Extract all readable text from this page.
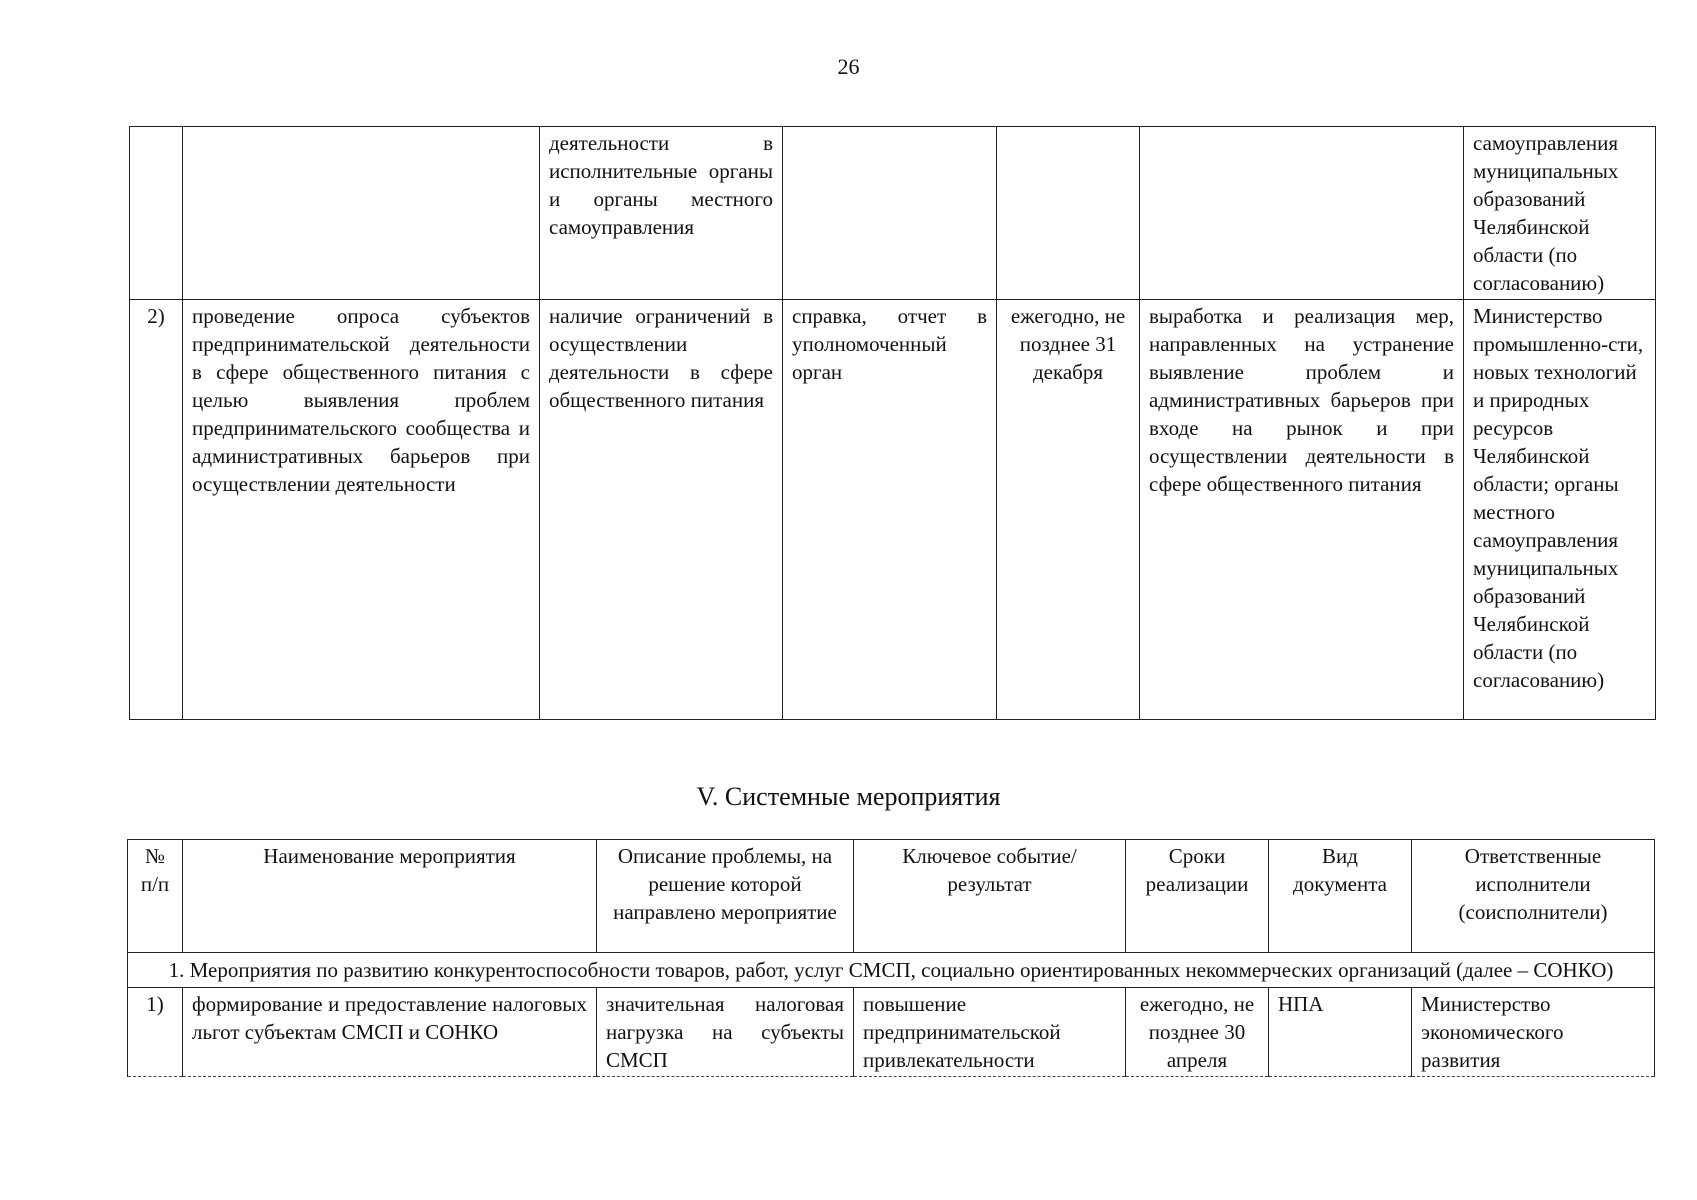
26
		деятельности в исполнительные органы и органы местного самоуправления				самоуправления муниципальных образований Челябинской области (по согласованию)
2)	проведение опроса субъектов предпринимательской деятельности в сфере общественного питания с целью выявления проблем предпринимательского сообщества и административных барьеров при осуществлении деятельности	наличие ограничений в осуществлении деятельности в сфере общественного питания	справка, отчет в уполномоченный орган	ежегодно, не позднее 31 декабря	выработка и реализация мер, направленных на устранение выявление проблем и административных барьеров при входе на рынок и при осуществлении деятельности в сфере общественного питания	Министерство промышленно-сти, новых технологий и природных ресурсов Челябинской области; органы местного самоуправления муниципальных образований Челябинской области (по согласованию)
V. Системные мероприятия
№ п/п	Наименование мероприятия	Описание проблемы, на решение которой направлено мероприятие	Ключевое событие/ результат	Сроки реализации	Вид документа	Ответственные исполнители (соисполнители)
1. Мероприятия по развитию конкурентоспособности товаров, работ, услуг СМСП, социально ориентированных некоммерческих организаций (далее – СОНКО)						
1)	формирование и предоставление налоговых льгот субъектам СМСП и СОНКО	значительная налоговая нагрузка на субъекты СМСП	повышение предпринимательской привлекательности	ежегодно, не позднее 30 апреля	НПА	Министерство экономического развития
